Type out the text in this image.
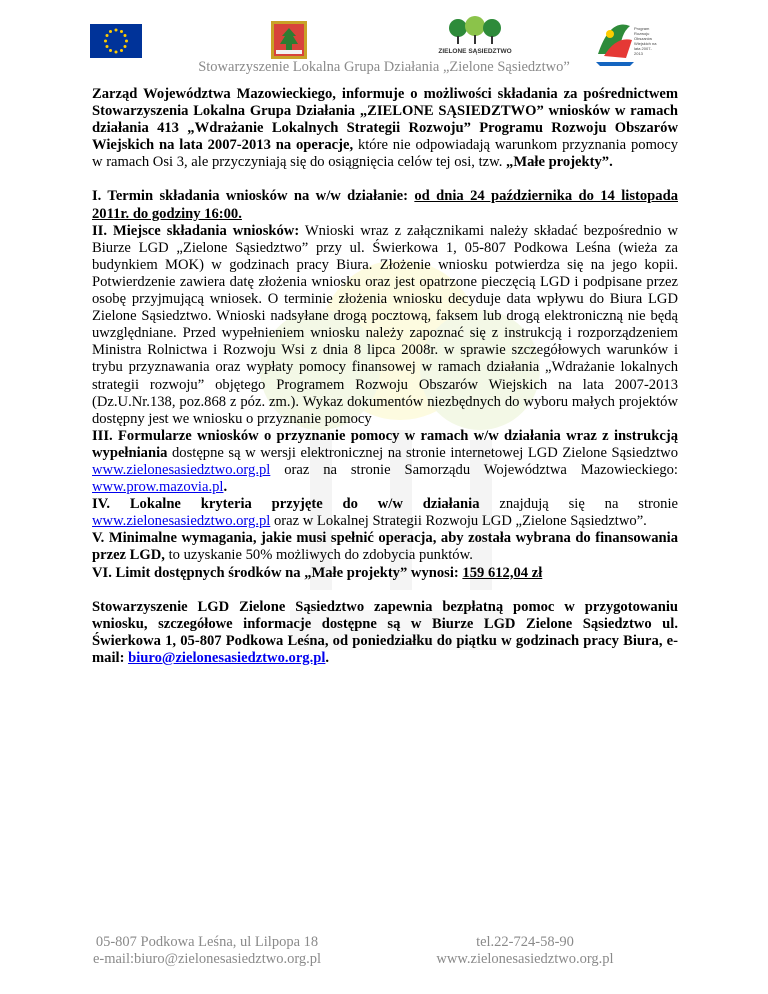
ZIELONE SĄSIEDZTWO
Program Rozwoju Obszarów Wiejskich na lata 2007-2013
Stowarzyszenie Lokalna Grupa Działania „Zielone Sąsiedztwo”

Zarząd Województwa Mazowieckiego, informuje o możliwości składania za pośrednictwem Stowarzyszenia Lokalna Grupa Działania „ZIELONE SĄSIEDZTWO” wniosków w ramach działania 413 „Wdrażanie Lokalnych Strategii Rozwoju” Programu Rozwoju Obszarów Wiejskich na lata 2007-2013 na operacje, które nie odpowiadają warunkom przyznania pomocy w ramach Osi 3, ale przyczyniają się do osiągnięcia celów tej osi, tzw. „Małe projekty”.

I. Termin składania wniosków na w/w działanie: od dnia 24 października do 14 listopada 2011r. do godziny 16:00.

II. Miejsce składania wniosków: Wnioski wraz z załącznikami należy składać bezpośrednio w Biurze LGD „Zielone Sąsiedztwo” przy ul. Świerkowa 1, 05-807 Podkowa Leśna (wieża za budynkiem MOK) w godzinach pracy Biura. Złożenie wniosku potwierdza się na jego kopii. Potwierdzenie zawiera datę złożenia wniosku oraz jest opatrzone pieczęcią LGD i podpisane przez osobę przyjmującą wniosek. O terminie złożenia wniosku decyduje data wpływu do Biura LGD Zielone Sąsiedztwo. Wnioski nadsyłane drogą pocztową, faksem lub drogą elektroniczną nie będą uwzględniane. Przed wypełnieniem wniosku należy zapoznać się z instrukcją i rozporządzeniem Ministra Rolnictwa i Rozwoju Wsi z dnia 8 lipca 2008r. w sprawie szczegółowych warunków i trybu przyznawania oraz wypłaty pomocy finansowej w ramach działania „Wdrażanie lokalnych strategii rozwoju” objętego Programem Rozwoju Obszarów Wiejskich na lata 2007-2013 (Dz.U.Nr.138, poz.868 z póz. zm.). Wykaz dokumentów niezbędnych do wyboru małych projektów dostępny jest we wniosku o przyznanie pomocy

III. Formularze wniosków o przyznanie pomocy w ramach w/w działania wraz z instrukcją wypełniania dostępne są w wersji elektronicznej na stronie internetowej LGD Zielone Sąsiedztwo www.zielonesasiedztwo.org.pl oraz na stronie Samorządu Województwa Mazowieckiego: www.prow.mazovia.pl.

IV. Lokalne kryteria przyjęte do w/w działania znajdują się na stronie www.zielonesasiedztwo.org.pl oraz w Lokalnej Strategii Rozwoju LGD „Zielone Sąsiedztwo”.

V. Minimalne wymagania, jakie musi spełnić operacja, aby została wybrana do finansowania przez LGD, to uzyskanie 50% możliwych do zdobycia punktów.

VI. Limit dostępnych środków na „Małe projekty” wynosi: 159 612,04 zł

Stowarzyszenie LGD Zielone Sąsiedztwo zapewnia bezpłatną pomoc w przygotowaniu wniosku, szczegółowe informacje dostępne są w Biurze LGD Zielone Sąsiedztwo ul. Świerkowa 1, 05-807 Podkowa Leśna, od poniedziałku do piątku w godzinach pracy Biura, e-mail: biuro@zielonesasiedztwo.org.pl.

05-807 Podkowa Leśna, ul Lilpopa 18
e-mail:biuro@zielonesasiedztwo.org.pl
tel.22-724-58-90
www.zielonesasiedztwo.org.pl
